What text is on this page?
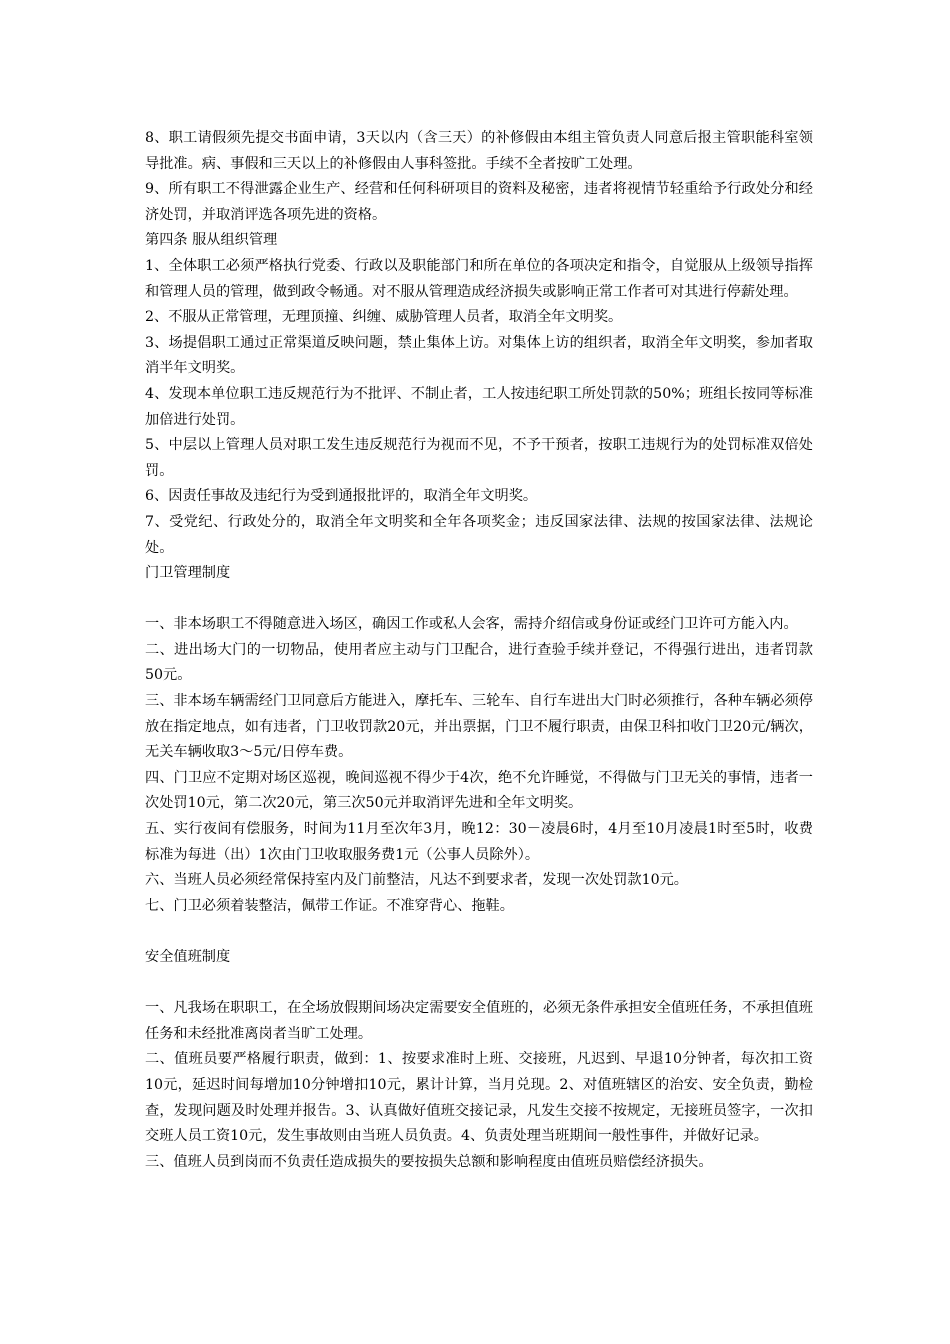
8、职工请假须先提交书面申请，3天以内（含三天）的补修假由本组主管负责人同意后报主管职能科室领导批准。病、事假和三天以上的补修假由人事科签批。手续不全者按旷工处理。

9、所有职工不得泄露企业生产、经营和任何科研项目的资料及秘密，违者将视情节轻重给予行政处分和经济处罚，并取消评选各项先进的资格。

第四条 服从组织管理

1、全体职工必须严格执行党委、行政以及职能部门和所在单位的各项决定和指令，自觉服从上级领导指挥和管理人员的管理，做到政令畅通。对不服从管理造成经济损失或影响正常工作者可对其进行停薪处理。

2、不服从正常管理，无理顶撞、纠缠、威胁管理人员者，取消全年文明奖。

3、场提倡职工通过正常渠道反映问题，禁止集体上访。对集体上访的组织者，取消全年文明奖，参加者取消半年文明奖。

4、发现本单位职工违反规范行为不批评、不制止者，工人按违纪职工所处罚款的50%；班组长按同等标准加倍进行处罚。

5、中层以上管理人员对职工发生违反规范行为视而不见，不予干预者，按职工违规行为的处罚标准双倍处罚。

6、因责任事故及违纪行为受到通报批评的，取消全年文明奖。

7、受党纪、行政处分的，取消全年文明奖和全年各项奖金；违反国家法律、法规的按国家法律、法规论处。

门卫管理制度

一、非本场职工不得随意进入场区，确因工作或私人会客，需持介绍信或身份证或经门卫许可方能入内。

二、进出场大门的一切物品，使用者应主动与门卫配合，进行查验手续并登记，不得强行进出，违者罚款50元。

三、非本场车辆需经门卫同意后方能进入，摩托车、三轮车、自行车进出大门时必须推行，各种车辆必须停放在指定地点，如有违者，门卫收罚款20元，并出票据，门卫不履行职责，由保卫科扣收门卫20元/辆次，无关车辆收取3～5元/日停车费。

四、门卫应不定期对场区巡视，晚间巡视不得少于4次，绝不允许睡觉，不得做与门卫无关的事情，违者一次处罚10元，第二次20元，第三次50元并取消评先进和全年文明奖。

五、实行夜间有偿服务，时间为11月至次年3月，晚12：30－凌晨6时，4月至10月凌晨1时至5时，收费标准为每进（出）1次由门卫收取服务费1元（公事人员除外）。

六、当班人员必须经常保持室内及门前整洁，凡达不到要求者，发现一次处罚款10元。

七、门卫必须着装整洁，佩带工作证。不准穿背心、拖鞋。

安全值班制度

一、凡我场在职职工，在全场放假期间场决定需要安全值班的，必须无条件承担安全值班任务，不承担值班任务和未经批准离岗者当旷工处理。

二、值班员要严格履行职责，做到：1、按要求准时上班、交接班，凡迟到、早退10分钟者，每次扣工资10元，延迟时间每增加10分钟增扣10元，累计计算，当月兑现。2、对值班辖区的治安、安全负责，勤检查，发现问题及时处理并报告。3、认真做好值班交接记录，凡发生交接不按规定，无接班员签字，一次扣交班人员工资10元，发生事故则由当班人员负责。4、负责处理当班期间一般性事件，并做好记录。

三、值班人员到岗而不负责任造成损失的要按损失总额和影响程度由值班员赔偿经济损失。
